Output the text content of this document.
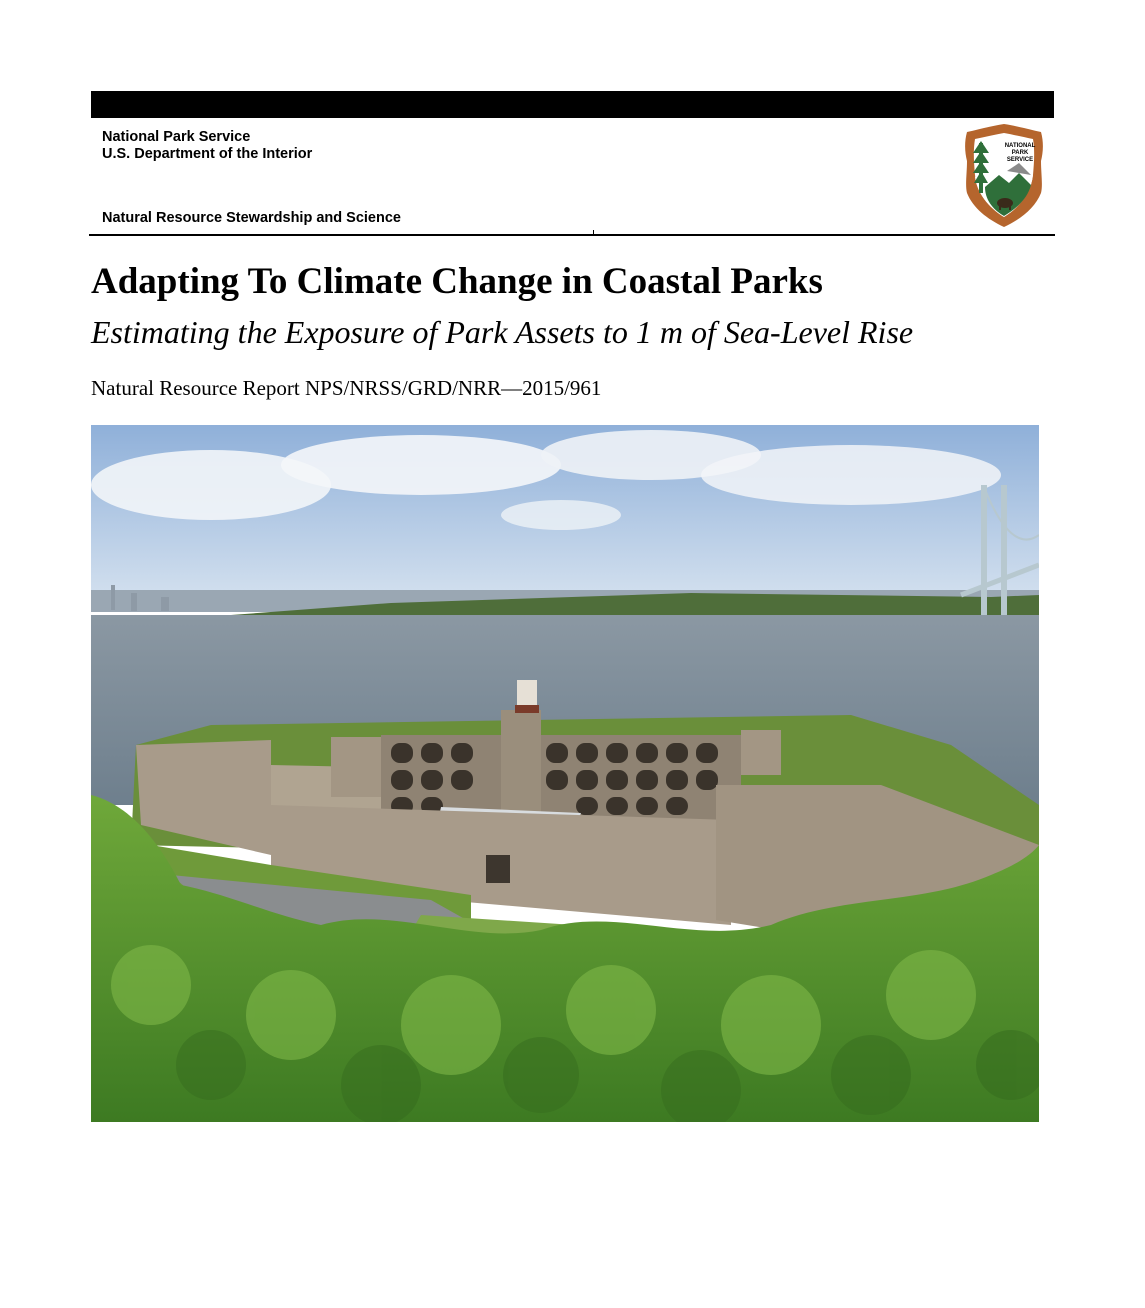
National Park Service
U.S. Department of the Interior
Natural Resource Stewardship and Science
NATIONAL
PARK
SERVICE
Adapting To Climate Change in Coastal Parks
Estimating the Exposure of Park Assets to 1 m of Sea-Level Rise
Natural Resource Report NPS/NRSS/GRD/NRR—2015/961
